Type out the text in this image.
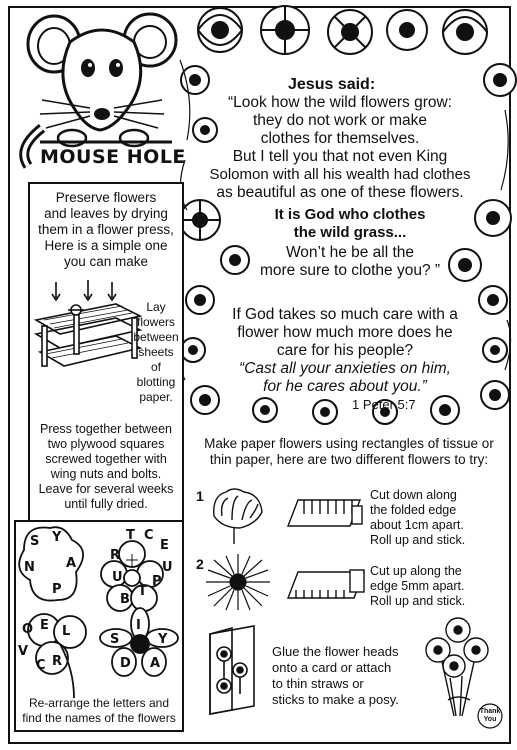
MOUSE HOLE
Jesus said:
“Look how the wild flowers grow:
they do not work or make
clothes for themselves.
But I tell you that not even King
Solomon with all his wealth had clothes
as beautiful as one of these flowers.
It is God who clothes
the wild grass...
Won’t he be all the
more sure to clothe you? ”
If God takes so much care with a
flower how much more does he
care for his people?
“Cast all your anxieties on him,
for he cares about you.”
1 Peter 5:7
Preserve flowers
and leaves by drying
them in a flower press,
Here is a simple one
you can make
Lay
flowers
between
sheets
of
blotting
paper.
Press together between
two plywood squares
screwed together with
wing nuts and bolts.
Leave for several weeks
until fully dried.
Make paper flowers using rectangles of tissue or
thin paper, here are two different flowers to try:
1	Cut down along
the folded edge
about 1cm apart.
Roll up and stick.
2	Cut up along the
edge 5mm apart.
Roll up and stick.
Glue the flower heads
onto a card or attach
to thin straws or
sticks to make a posy.
Thank
You
S Y
A
N
P
R
T C
E
U
U
B
T
P
O E L
V
C R
I
Y
S
A
D
Re-arrange the letters and
find the names of the flowers
